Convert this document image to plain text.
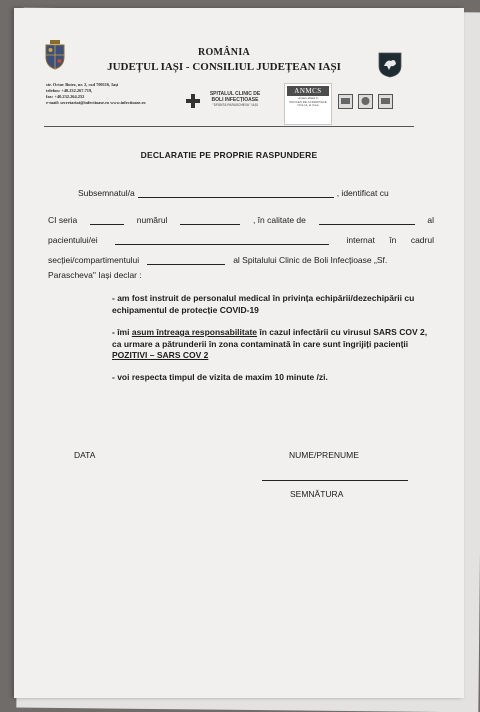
ROMÂNIA
JUDEȚUL IAȘI - CONSILIUL JUDEȚEAN IAȘI
str. Octav Botez, nr. 2, cod 700116, Iași
telefon: +40.232.267.719,
fax: +40.232.264.252
e-mail: secretariat@infectioase.ro www.infectioase.ro
SPITALUL CLINIC DE
BOLI INFECȚIOASE
"SFÂNTA PARASCHEVA" IAȘI
ANMCS
unitate aflată în
PROCES DE ACREDITARE
CICLUL al II-lea
DECLARATIE PE PROPRIE RASPUNDERE
Subsemnatul/a	, identificat cu
CI seria	numărul	, în calitate de	al
pacientului/ei	internat în cadrul
secției/compartimentului	al Spitalului Clinic de Boli Infecțioase „Sf.
Parascheva" Iași declar :
- am fost instruit de personalul medical în privința echipării/dezechipării cu echipamentul de protecție COVID-19
- îmi asum întreaga responsabilitate în cazul infectării cu virusul SARS COV 2, ca urmare a pătrunderii în zona contaminată în care sunt îngrijiți pacienții POZITIVI – SARS COV 2
- voi respecta timpul de vizita de maxim 10 minute /zi.
DATA	NUME/PRENUME
SEMNĂTURA
